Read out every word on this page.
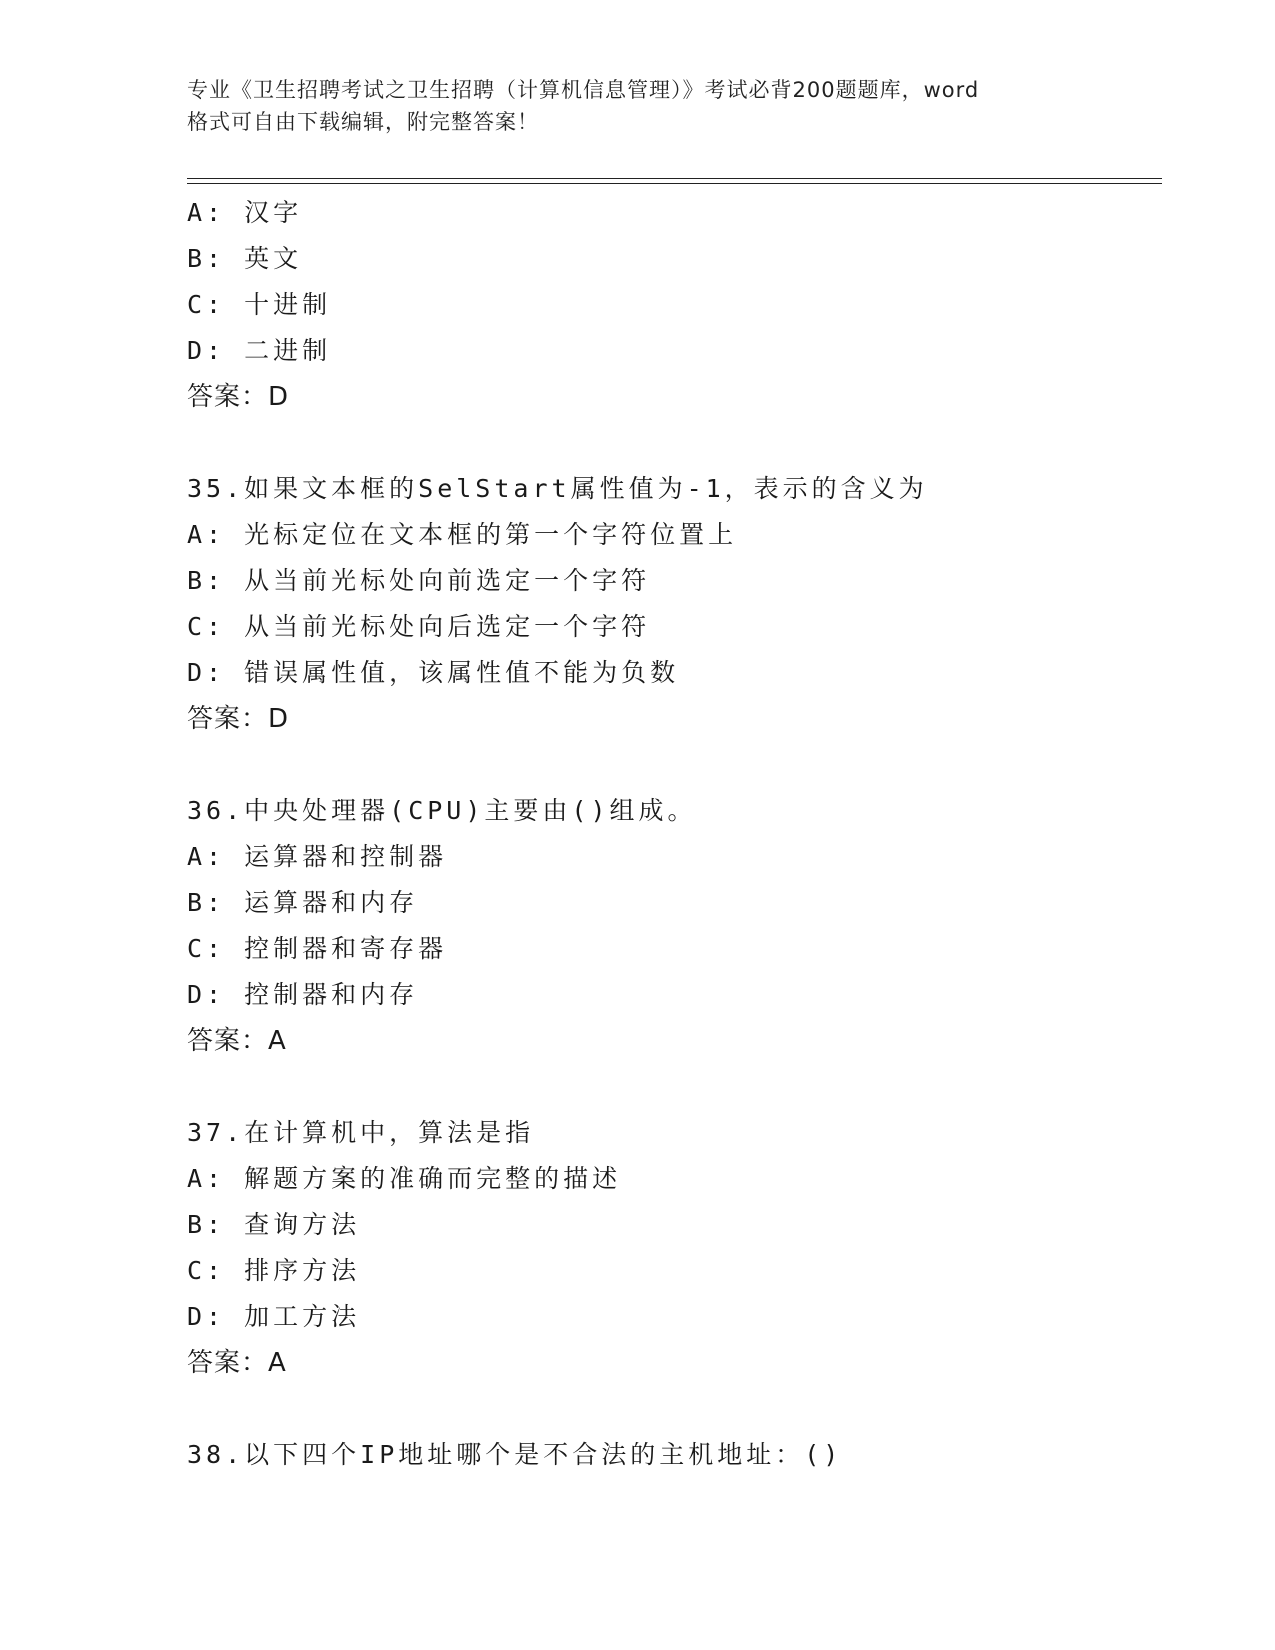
专业《卫生招聘考试之卫生招聘（计算机信息管理）》考试必背200题题库，word
格式可自由下载编辑，附完整答案！
A: 汉字
B: 英文
C: 十进制
D: 二进制
答案：D
35.如果文本框的SelStart属性值为-1，表示的含义为
A: 光标定位在文本框的第一个字符位置上
B: 从当前光标处向前选定一个字符
C: 从当前光标处向后选定一个字符
D: 错误属性值，该属性值不能为负数
答案：D
36.中央处理器(CPU)主要由()组成。
A: 运算器和控制器
B: 运算器和内存
C: 控制器和寄存器
D: 控制器和内存
答案：A
37.在计算机中，算法是指
A: 解题方案的准确而完整的描述
B: 查询方法
C: 排序方法
D: 加工方法
答案：A
38.以下四个IP地址哪个是不合法的主机地址：()
